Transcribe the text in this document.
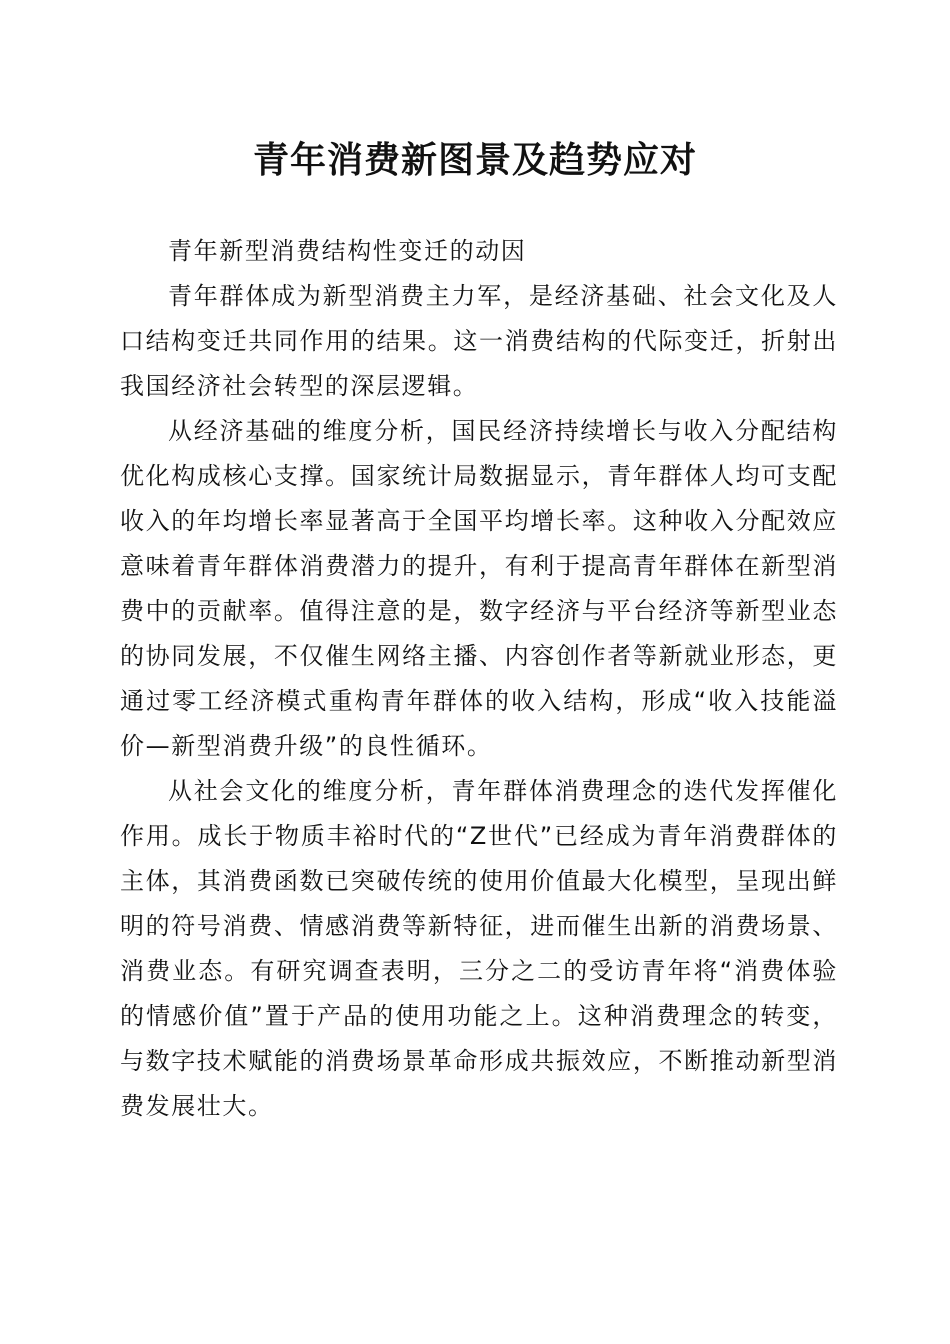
青年消费新图景及趋势应对

青年新型消费结构性变迁的动因

青年群体成为新型消费主力军，是经济基础、社会文化及人口结构变迁共同作用的结果。这一消费结构的代际变迁，折射出我国经济社会转型的深层逻辑。

从经济基础的维度分析，国民经济持续增长与收入分配结构优化构成核心支撑。国家统计局数据显示，青年群体人均可支配收入的年均增长率显著高于全国平均增长率。这种收入分配效应意味着青年群体消费潜力的提升，有利于提高青年群体在新型消费中的贡献率。值得注意的是，数字经济与平台经济等新型业态的协同发展，不仅催生网络主播、内容创作者等新就业形态，更通过零工经济模式重构青年群体的收入结构，形成“收入技能溢价—新型消费升级”的良性循环。

从社会文化的维度分析，青年群体消费理念的迭代发挥催化作用。成长于物质丰裕时代的“Z世代”已经成为青年消费群体的主体，其消费函数已突破传统的使用价值最大化模型，呈现出鲜明的符号消费、情感消费等新特征，进而催生出新的消费场景、消费业态。有研究调查表明，三分之二的受访青年将“消费体验的情感价值”置于产品的使用功能之上。这种消费理念的转变，与数字技术赋能的消费场景革命形成共振效应，不断推动新型消费发展壮大。
